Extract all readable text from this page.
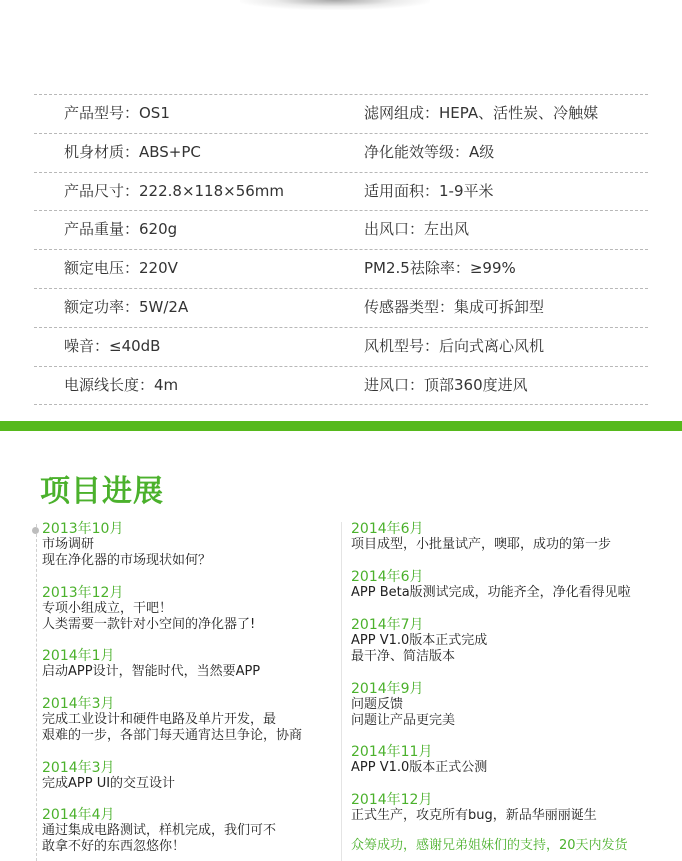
产品型号：OS1	滤网组成：HEPA、活性炭、冷触媒
机身材质：ABS+PC	净化能效等级：A级
产品尺寸：222.8×118×56mm	适用面积：1-9平米
产品重量：620g	出风口：左出风
额定电压：220V	PM2.5祛除率：≥99%
额定功率：5W/2A	传感器类型：集成可拆卸型
噪音：≤40dB	风机型号：后向式离心风机
电源线长度：4m	进风口：顶部360度进风
项目进展

2013年10月

市场调研

现在净化器的市场现状如何？

2013年12月

专项小组成立，干吧！

人类需要一款针对小空间的净化器了!

2014年1月

启动APP设计，智能时代，当然要APP

2014年3月

完成工业设计和硬件电路及单片开发，最

艰难的一步，各部门每天通宵达旦争论，协商

2014年3月

完成APP UI的交互设计

2014年4月

通过集成电路测试，样机完成，我们可不

敢拿不好的东西忽悠你！

2014年6月

项目成型，小批量试产，噢耶，成功的第一步

2014年6月

APP Beta版测试完成，功能齐全，净化看得见啦

2014年7月

APP V1.0版本正式完成

最干净、简洁版本

2014年9月

问题反馈

问题让产品更完美

2014年11月

APP V1.0版本正式公测

2014年12月

正式生产，攻克所有bug，新品华丽丽诞生

众筹成功，感谢兄弟姐妹们的支持，20天内发货
